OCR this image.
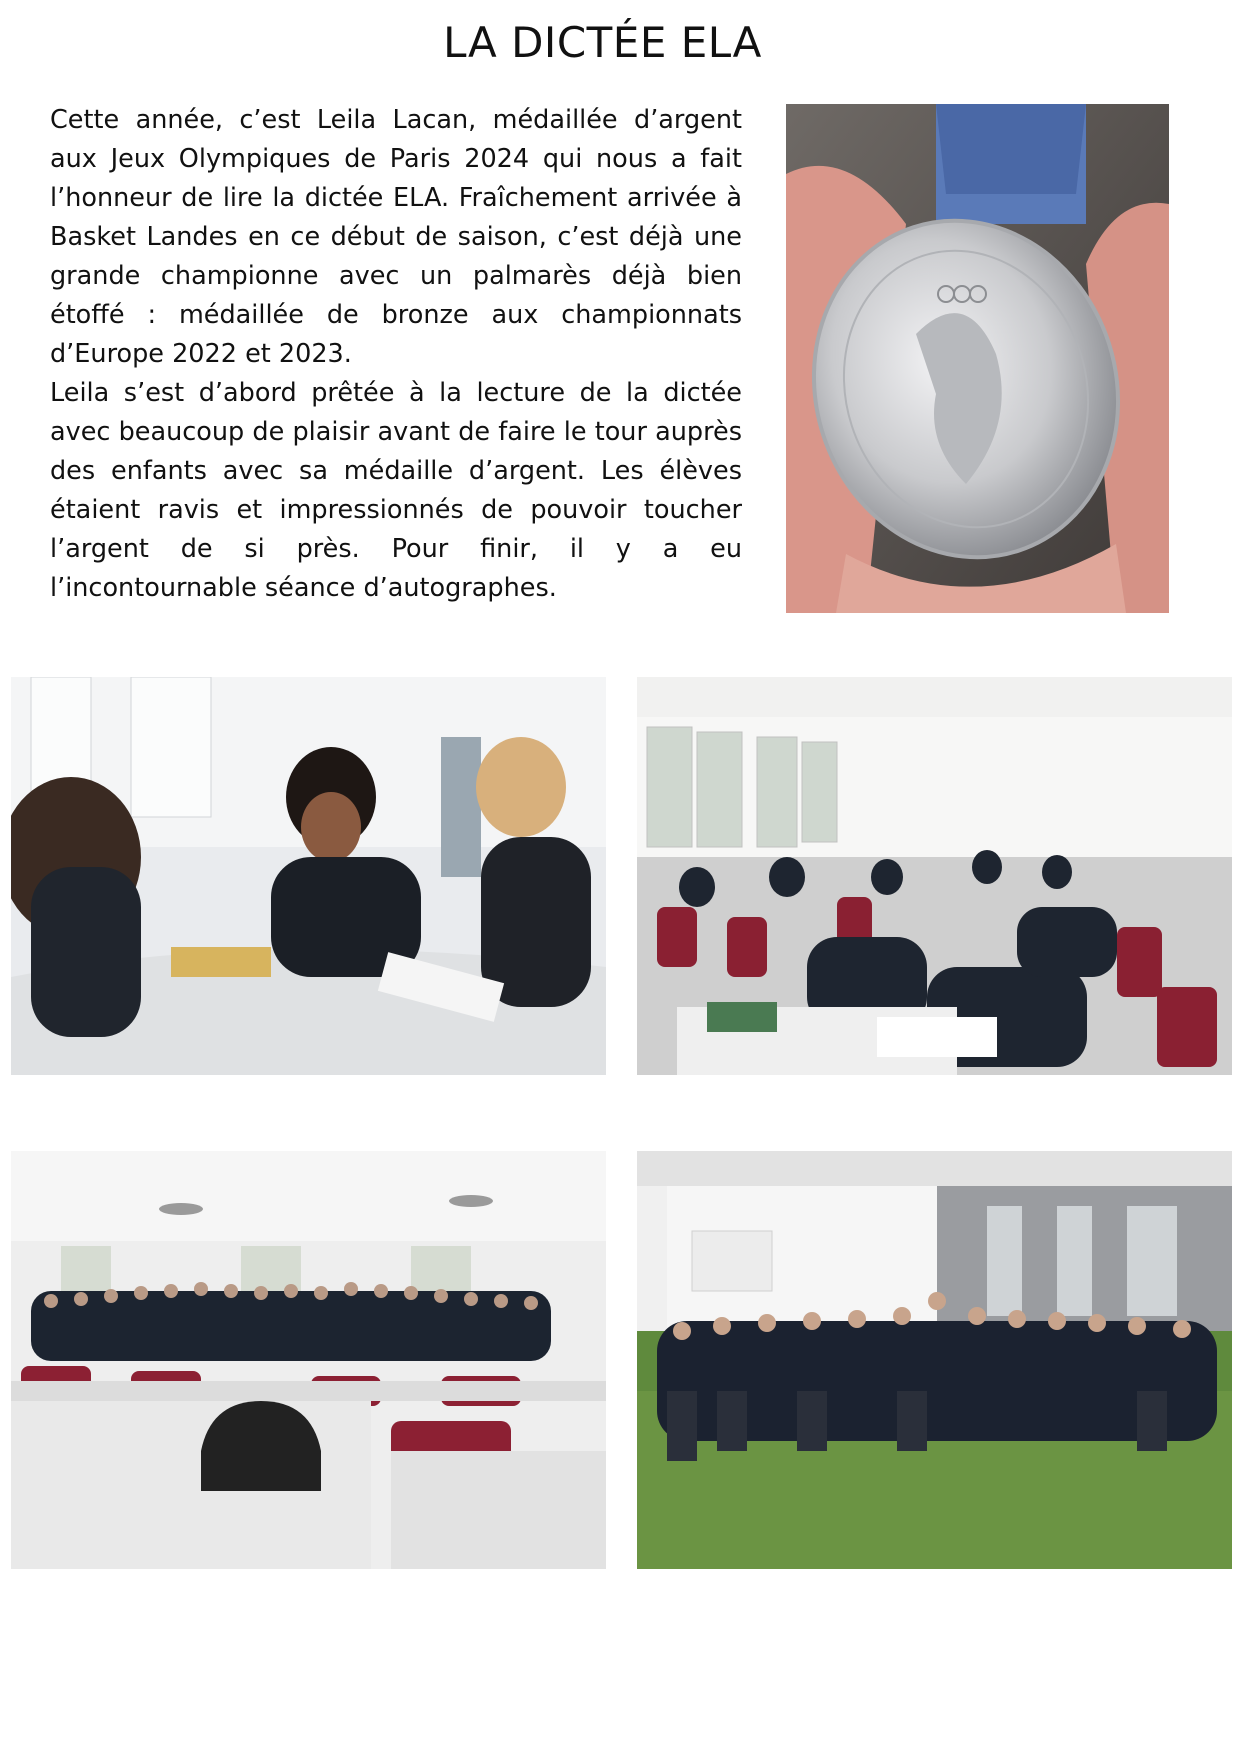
LA DICTÉE ELA

Cette année, c’est Leila Lacan, médaillée d’argent aux Jeux Olympiques de Paris 2024 qui nous a fait l’honneur de lire la dictée ELA. Fraîchement arrivée à Basket Landes en ce début de saison, c’est déjà une grande championne avec un palmarès déjà bien étoffé : médaillée de bronze aux championnats d’Europe 2022 et 2023.

Leila s’est d’abord prêtée à la lecture de la dictée avec beaucoup de plaisir avant de faire le tour auprès des enfants avec sa médaille d’argent. Les élèves étaient ravis et impressionnés de pouvoir toucher l’argent de si près. Pour finir, il y a eu l’incontournable séance d’autographes.
